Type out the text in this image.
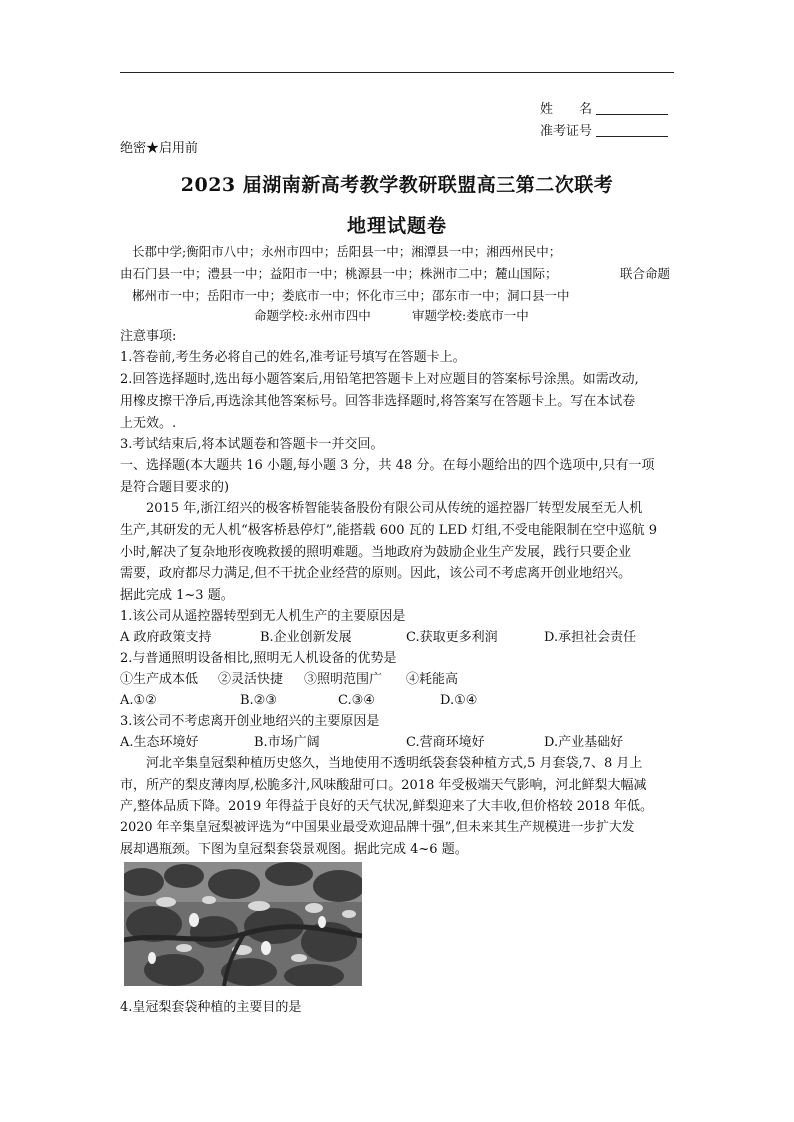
姓　　名
准考证号
绝密★启用前
2023 届湖南新高考教学教研联盟高三第二次联考
地理试题卷
长郡中学;衡阳市八中；永州市四中；岳阳县一中；湘潭县一中；湘西州民中；
由石门县一中；澧县一中；益阳市一中；桃源县一中；株洲市二中；麓山国际；	联合命题
郴州市一中；岳阳市一中；娄底市一中；怀化市三中；邵东市一中；洞口县一中
命题学校:永州市四中	审题学校:娄底市一中
注意事项:
1.答卷前,考生务必将自己的姓名,准考证号填写在答题卡上。
2.回答选择题时,选出每小题答案后,用铅笔把答题卡上对应题目的答案标号涂黑。如需改动,
用橡皮擦干净后,再选涂其他答案标号。回答非选择题时,将答案写在答题卡上。写在本试卷
上无效。.
3.考试结束后,将本试题卷和答题卡一并交回。
一、选择题(本大题共 16 小题,每小题 3 分，共 48 分。在每小题给出的四个选项中,只有一项
是符合题目要求的)
2015 年,浙江绍兴的极客桥智能装备股份有限公司从传统的遥控器厂转型发展至无人机
生产,其研发的无人机“极客桥悬停灯”,能搭载 600 瓦的 LED 灯组,不受电能限制在空中巡航 9
小时,解决了复杂地形夜晚救援的照明难题。当地政府为鼓励企业生产发展，践行只要企业
需要，政府都尽力满足,但不干扰企业经营的原则。因此，该公司不考虑离开创业地绍兴。
据此完成 1~3 题。
1.该公司从遥控器转型到无人机生产的主要原因是
A 政府政策支持	B.企业创新发展	C.获取更多利润	D.承担社会责任
2.与普通照明设备相比,照明无人机设备的优势是
①生产成本低 ②灵活快捷 ③照明范围广 ④耗能高
A.①②	B.②③	C.③④	D.①④
3.该公司不考虑离开创业地绍兴的主要原因是
A.生态环境好	B.市场广阔	C.营商环境好	D.产业基础好
河北辛集皇冠梨种植历史悠久，当地使用不透明纸袋套袋种植方式,5 月套袋,7、8 月上
市，所产的梨皮薄肉厚,松脆多汁,风味酸甜可口。2018 年受极端天气影响，河北鲜梨大幅减
产,整体品质下降。2019 年得益于良好的天气状况,鲜梨迎来了大丰收,但价格较 2018 年低。
2020 年辛集皇冠梨被评选为“中国果业最受欢迎品牌十强”,但未来其生产规模进一步扩大发
展却遇瓶颈。下图为皇冠梨套袋景观图。据此完成 4~6 题。
4.皇冠梨套袋种植的主要目的是
